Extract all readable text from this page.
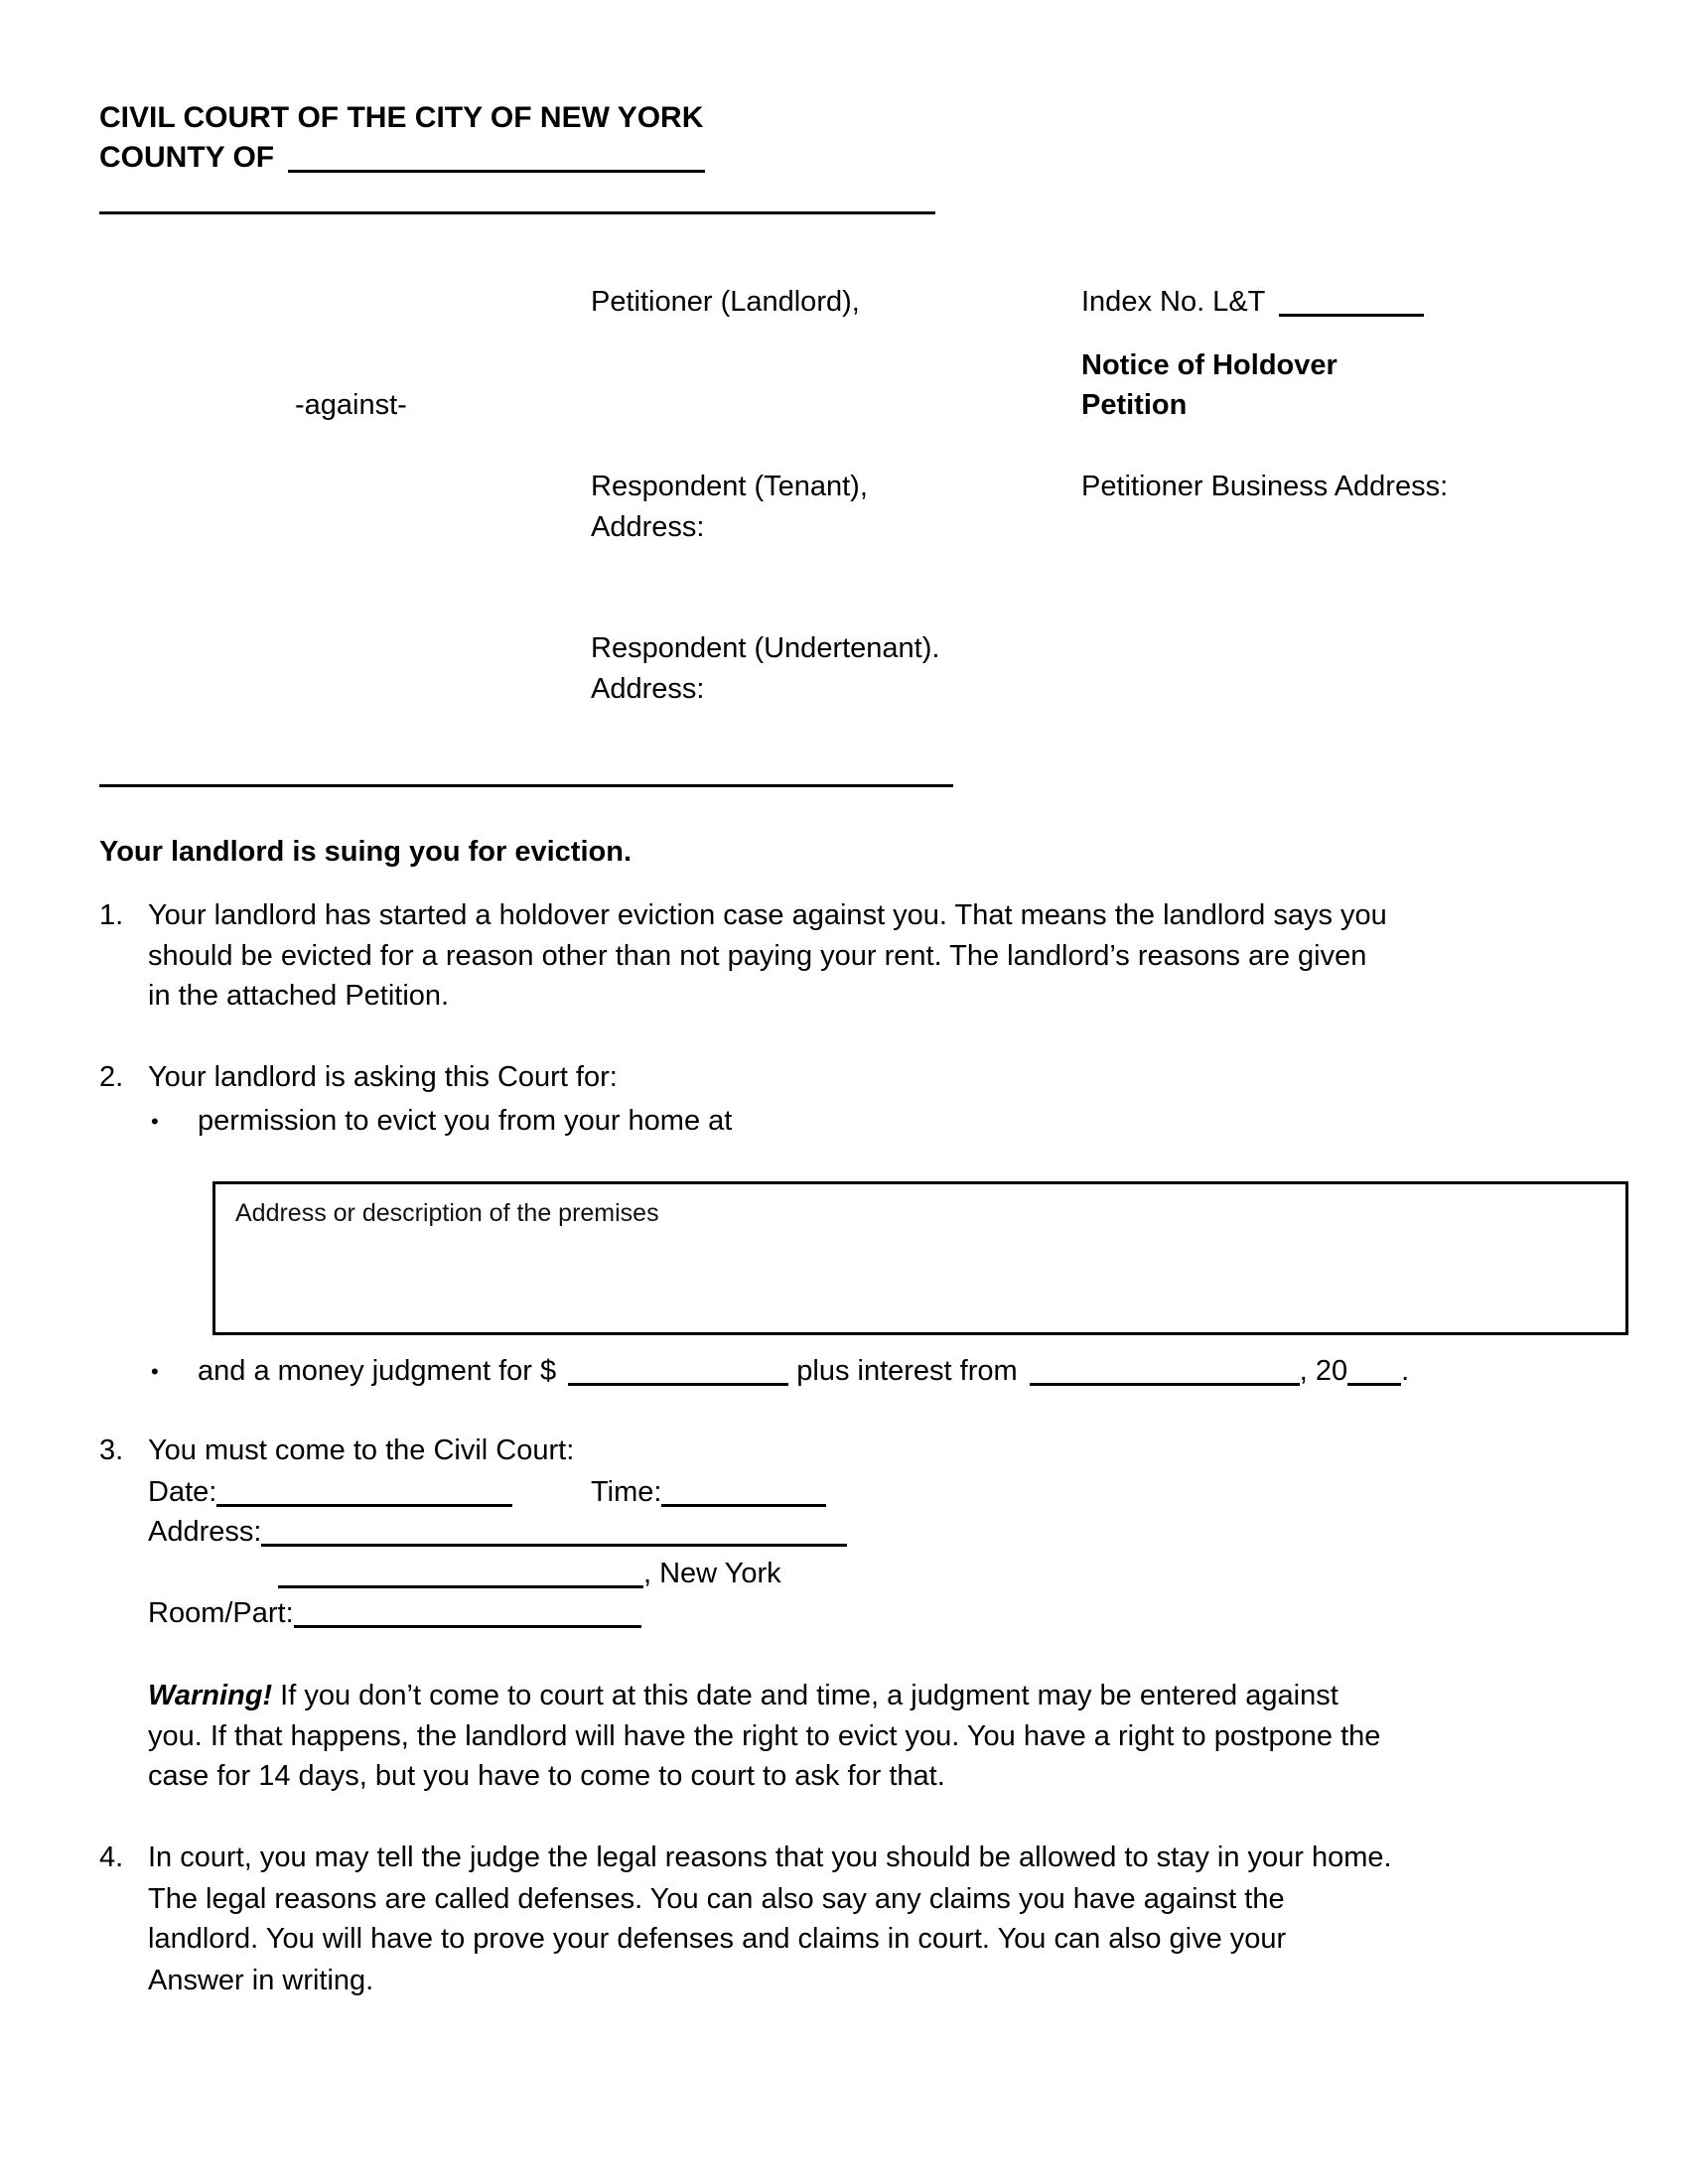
CIVIL COURT OF THE CITY OF NEW YORK
COUNTY OF
Petitioner (Landlord),	Index No. L&T
Notice of Holdover
Petition
-against-
Respondent (Tenant),
Address:
Petitioner Business Address:
Respondent (Undertenant).
Address:
Your landlord is suing you for eviction.
1. Your landlord has started a holdover eviction case against you. That means the landlord says you
should be evicted for a reason other than not paying your rent. The landlord’s reasons are given
in the attached Petition.
2. Your landlord is asking this Court for:
• permission to evict you from your home at
Address or description of the premises
• and a money judgment for $	plus interest from	, 20 .
3. You must come to the Civil Court:
Date:	Time:
Address:
, New York
Room/Part:
Warning! If you don’t come to court at this date and time, a judgment may be entered against
you. If that happens, the landlord will have the right to evict you. You have a right to postpone the
case for 14 days, but you have to come to court to ask for that.
4. In court, you may tell the judge the legal reasons that you should be allowed to stay in your home.
The legal reasons are called defenses. You can also say any claims you have against the
landlord. You will have to prove your defenses and claims in court. You can also give your
Answer in writing.
